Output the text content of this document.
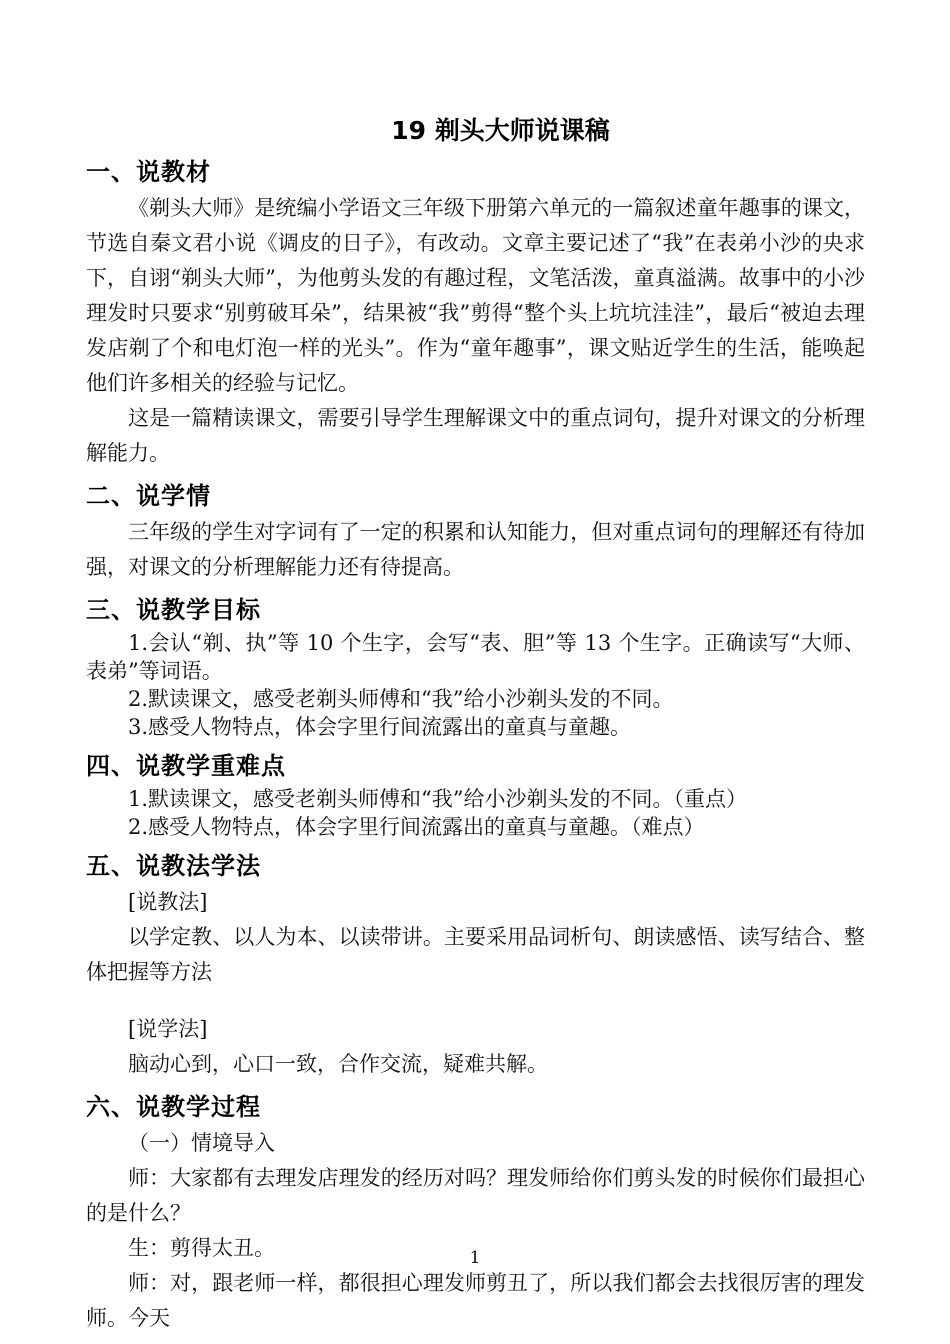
19 剃头大师说课稿
一、说教材

《剃头大师》是统编小学语文三年级下册第六单元的一篇叙述童年趣事的课文，节选自秦文君小说《调皮的日子》，有改动。文章主要记述了“我”在表弟小沙的央求下，自诩“剃头大师”，为他剪头发的有趣过程，文笔活泼，童真溢满。故事中的小沙理发时只要求“别剪破耳朵”，结果被“我”剪得“整个头上坑坑洼洼”，最后“被迫去理发店剃了个和电灯泡一样的光头”。作为“童年趣事”，课文贴近学生的生活，能唤起他们许多相关的经验与记忆。

这是一篇精读课文，需要引导学生理解课文中的重点词句，提升对课文的分析理解能力。

二、说学情

三年级的学生对字词有了一定的积累和认知能力，但对重点词句的理解还有待加强，对课文的分析理解能力还有待提高。

三、说教学目标

1.会认“剃、执”等 10 个生字，会写“表、胆”等 13 个生字。正确读写“大师、表弟”等词语。

2.默读课文，感受老剃头师傅和“我”给小沙剃头发的不同。

3.感受人物特点，体会字里行间流露出的童真与童趣。

四、说教学重难点

1.默读课文，感受老剃头师傅和“我”给小沙剃头发的不同。（重点）

2.感受人物特点，体会字里行间流露出的童真与童趣。（难点）

五、说教法学法

[说教法]

以学定教、以人为本、以读带讲。主要采用品词析句、朗读感悟、读写结合、整体把握等方法

[说学法]

脑动心到，心口一致，合作交流，疑难共解。

六、说教学过程

（一）情境导入

师：大家都有去理发店理发的经历对吗？理发师给你们剪头发的时候你们最担心的是什么？

生：剪得太丑。

师：对，跟老师一样，都很担心理发师剪丑了，所以我们都会去找很厉害的理发师。今天

1
